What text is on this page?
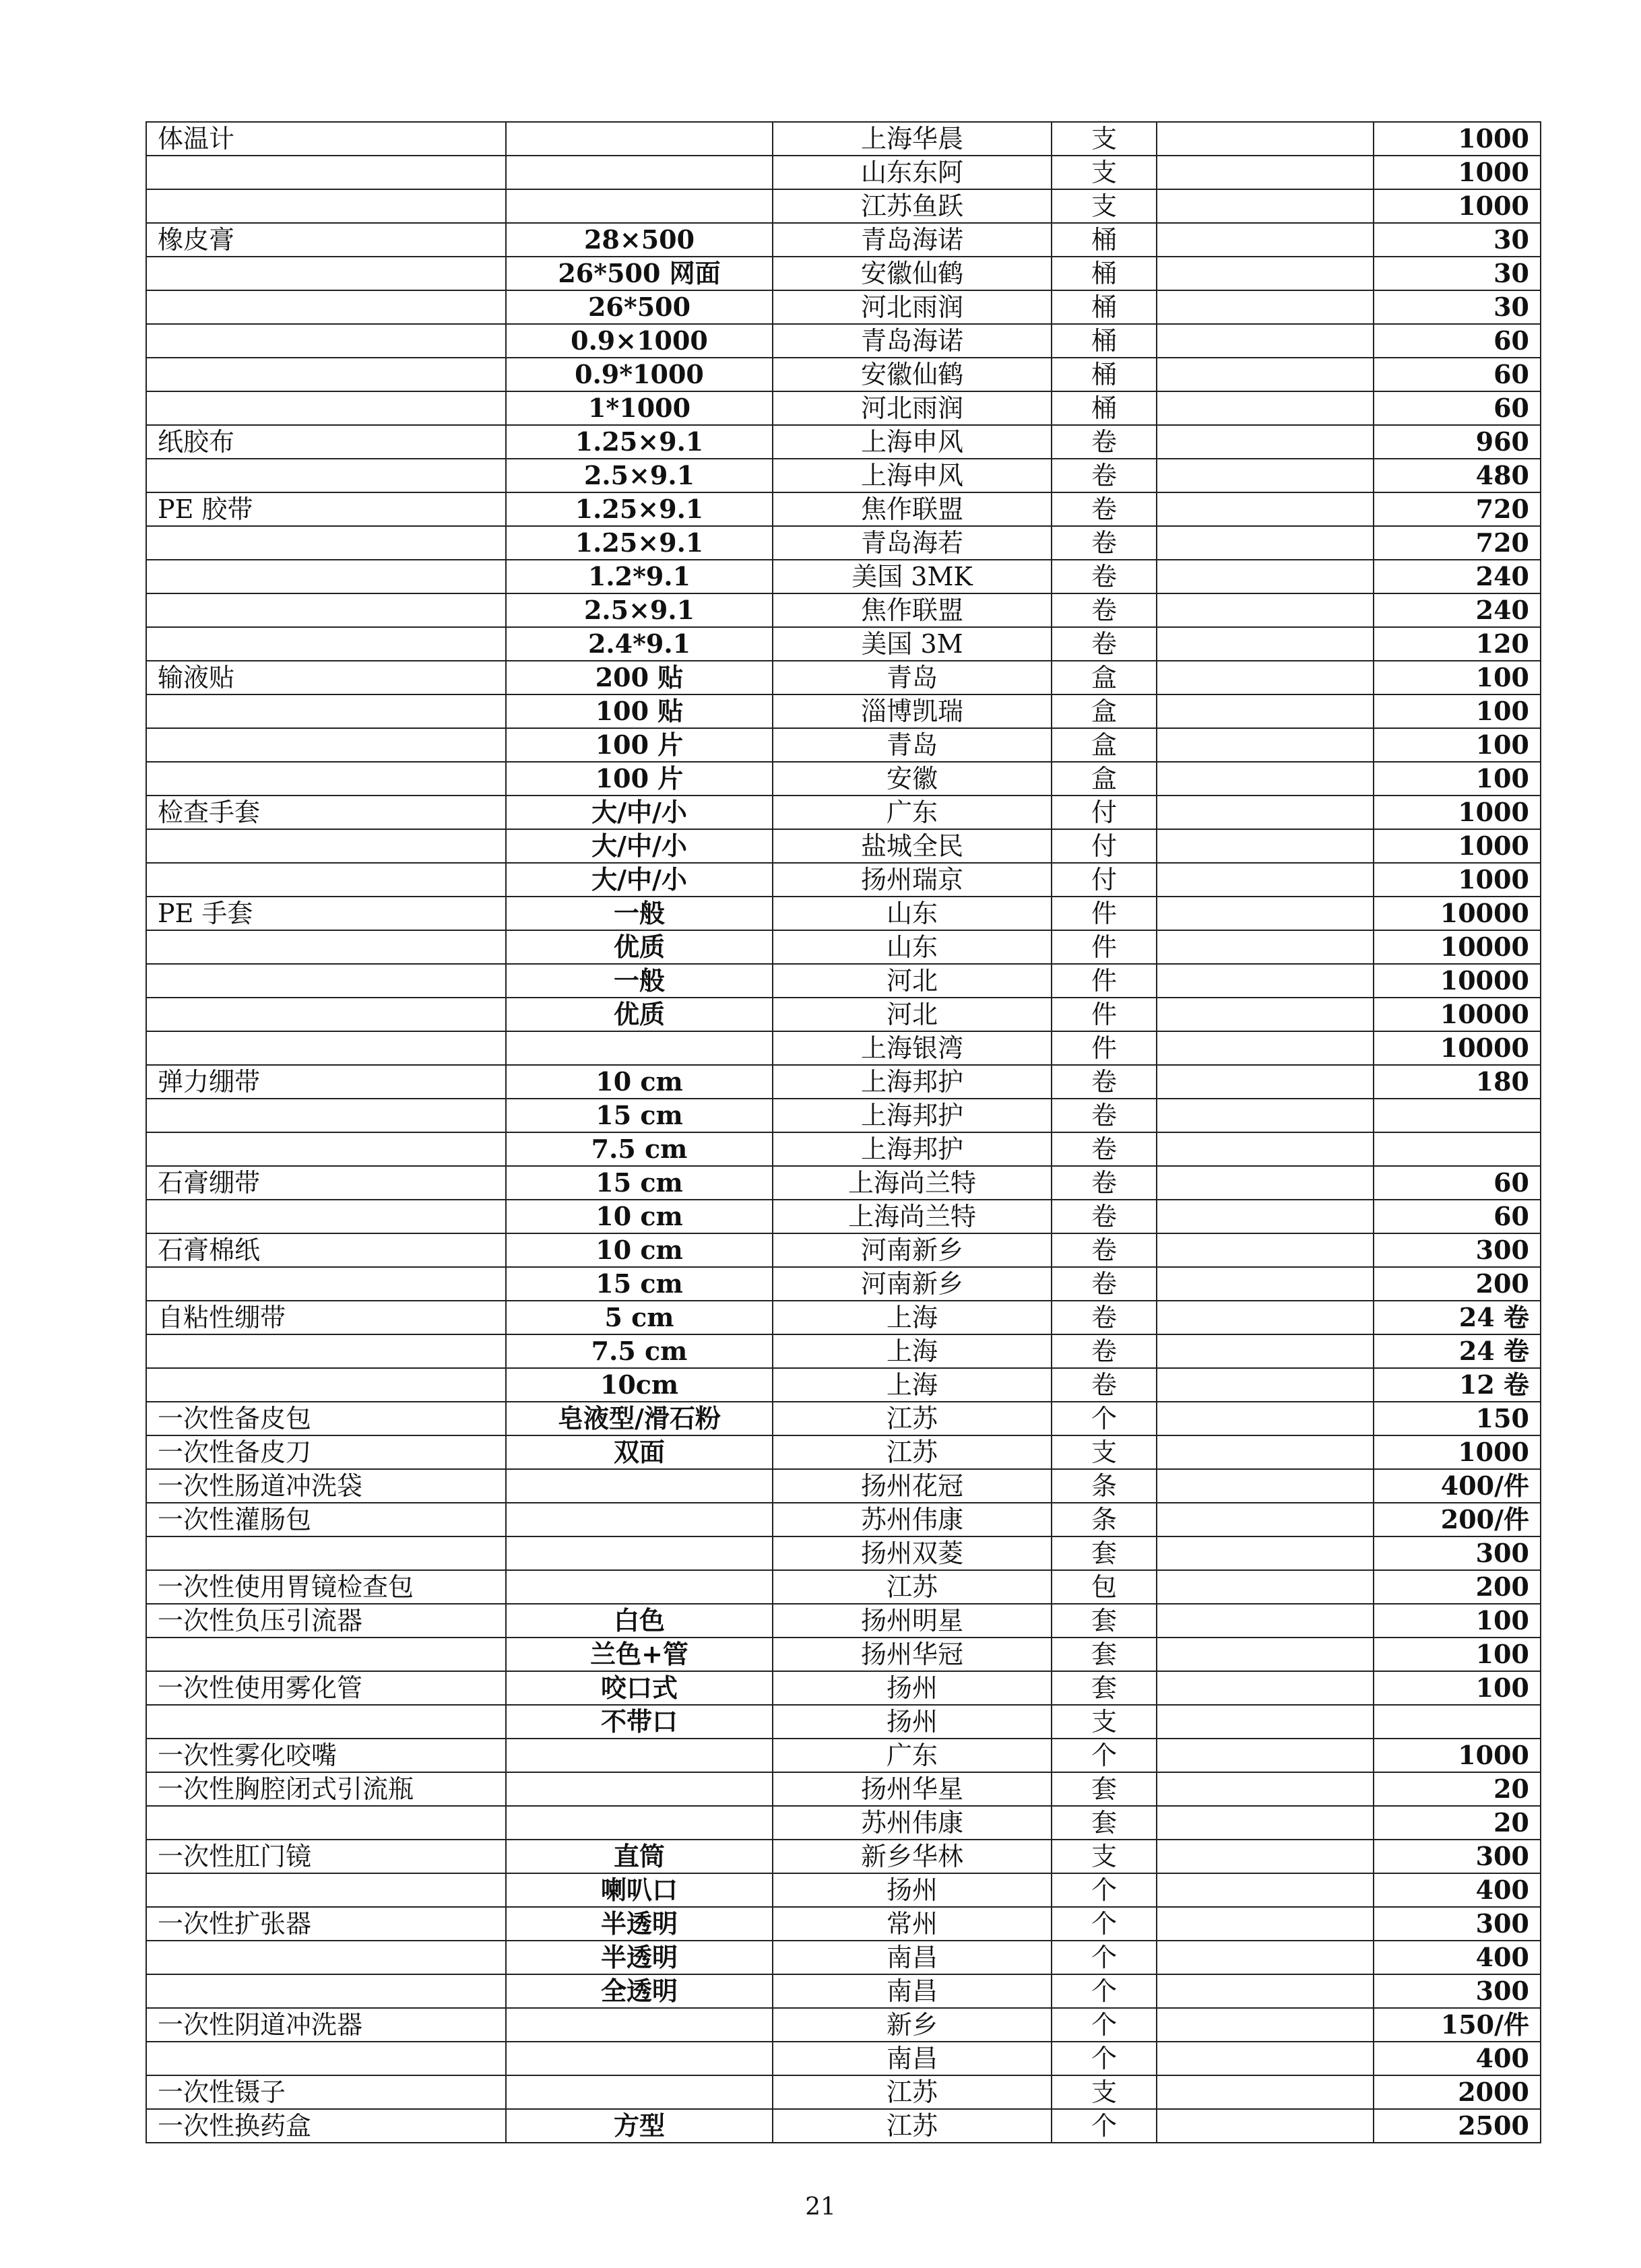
体温计		上海华晨	支		1000
		山东东阿	支		1000
		江苏鱼跃	支		1000
橡皮膏	28×500	青岛海诺	桶		30
	26*500 网面	安徽仙鹤	桶		30
	26*500	河北雨润	桶		30
	0.9×1000	青岛海诺	桶		60
	0.9*1000	安徽仙鹤	桶		60
	1*1000	河北雨润	桶		60
纸胶布	1.25×9.1	上海申风	卷		960
	2.5×9.1	上海申风	卷		480
PE 胶带	1.25×9.1	焦作联盟	卷		720
	1.25×9.1	青岛海若	卷		720
	1.2*9.1	美国 3MK	卷		240
	2.5×9.1	焦作联盟	卷		240
	2.4*9.1	美国 3M	卷		120
输液贴	200 贴	青岛	盒		100
	100 贴	淄博凯瑞	盒		100
	100 片	青岛	盒		100
	100 片	安徽	盒		100
检查手套	大/中/小	广东	付		1000
	大/中/小	盐城全民	付		1000
	大/中/小	扬州瑞京	付		1000
PE 手套	一般	山东	件		10000
	优质	山东	件		10000
	一般	河北	件		10000
	优质	河北	件		10000
		上海银湾	件		10000
弹力绷带	10 cm	上海邦护	卷		180
	15 cm	上海邦护	卷		
	7.5 cm	上海邦护	卷		
石膏绷带	15 cm	上海尚兰特	卷		60
	10 cm	上海尚兰特	卷		60
石膏棉纸	10 cm	河南新乡	卷		300
	15 cm	河南新乡	卷		200
自粘性绷带	5 cm	上海	卷		24 卷
	7.5 cm	上海	卷		24 卷
	10cm	上海	卷		12 卷
一次性备皮包	皂液型/滑石粉	江苏	个		150
一次性备皮刀	双面	江苏	支		1000
一次性肠道冲洗袋		扬州花冠	条		400/件
一次性灌肠包		苏州伟康	条		200/件
		扬州双菱	套		300
一次性使用胃镜检查包		江苏	包		200
一次性负压引流器	白色	扬州明星	套		100
	兰色+管	扬州华冠	套		100
一次性使用雾化管	咬口式	扬州	套		100
	不带口	扬州	支		
一次性雾化咬嘴		广东	个		1000
一次性胸腔闭式引流瓶		扬州华星	套		20
		苏州伟康	套		20
一次性肛门镜	直筒	新乡华林	支		300
	喇叭口	扬州	个		400
一次性扩张器	半透明	常州	个		300
	半透明	南昌	个		400
	全透明	南昌	个		300
一次性阴道冲洗器		新乡	个		150/件
		南昌	个		400
一次性镊子		江苏	支		2000
一次性换药盒	方型	江苏	个		2500
21
